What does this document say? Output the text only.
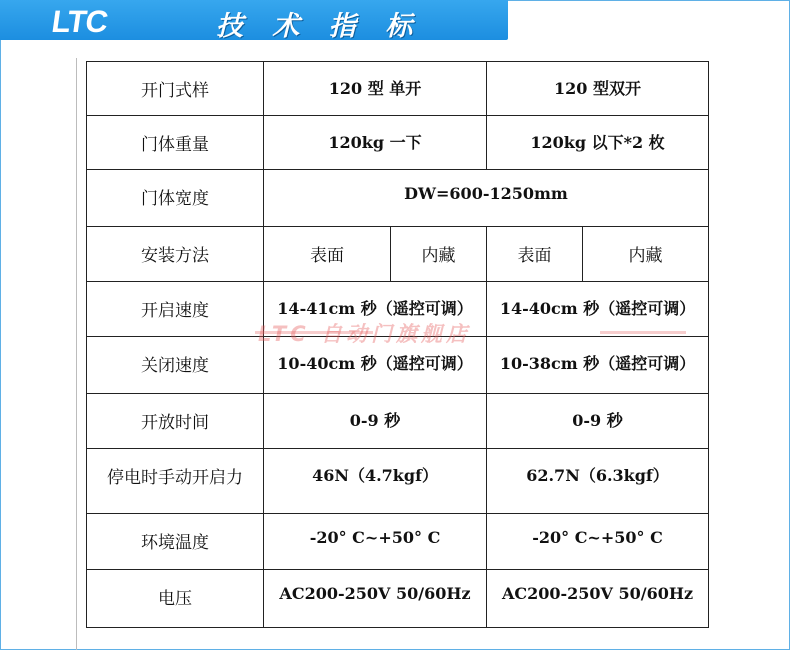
LTC	技 术 指 标
开门式样	120 型 单开		120 型双开	
门体重量	120kg 一下		120kg 以下*2 枚	
门体宽度	DW=600-1250mm			
安装方法	表面	内藏	表面	内藏
开启速度	14-41cm 秒（遥控可调）		14-40cm 秒（遥控可调）	
关闭速度	10-40cm 秒（遥控可调）		10-38cm 秒（遥控可调）	
开放时间	0-9 秒		0-9 秒	
停电时手动开启力	46N（4.7kgf）		62.7N（6.3kgf）	
环境温度	-20° C~+50° C		-20° C~+50° C	
电压	AC200-250V 50/60Hz		AC200-250V 50/60Hz	
LTC 自动门旗舰店
